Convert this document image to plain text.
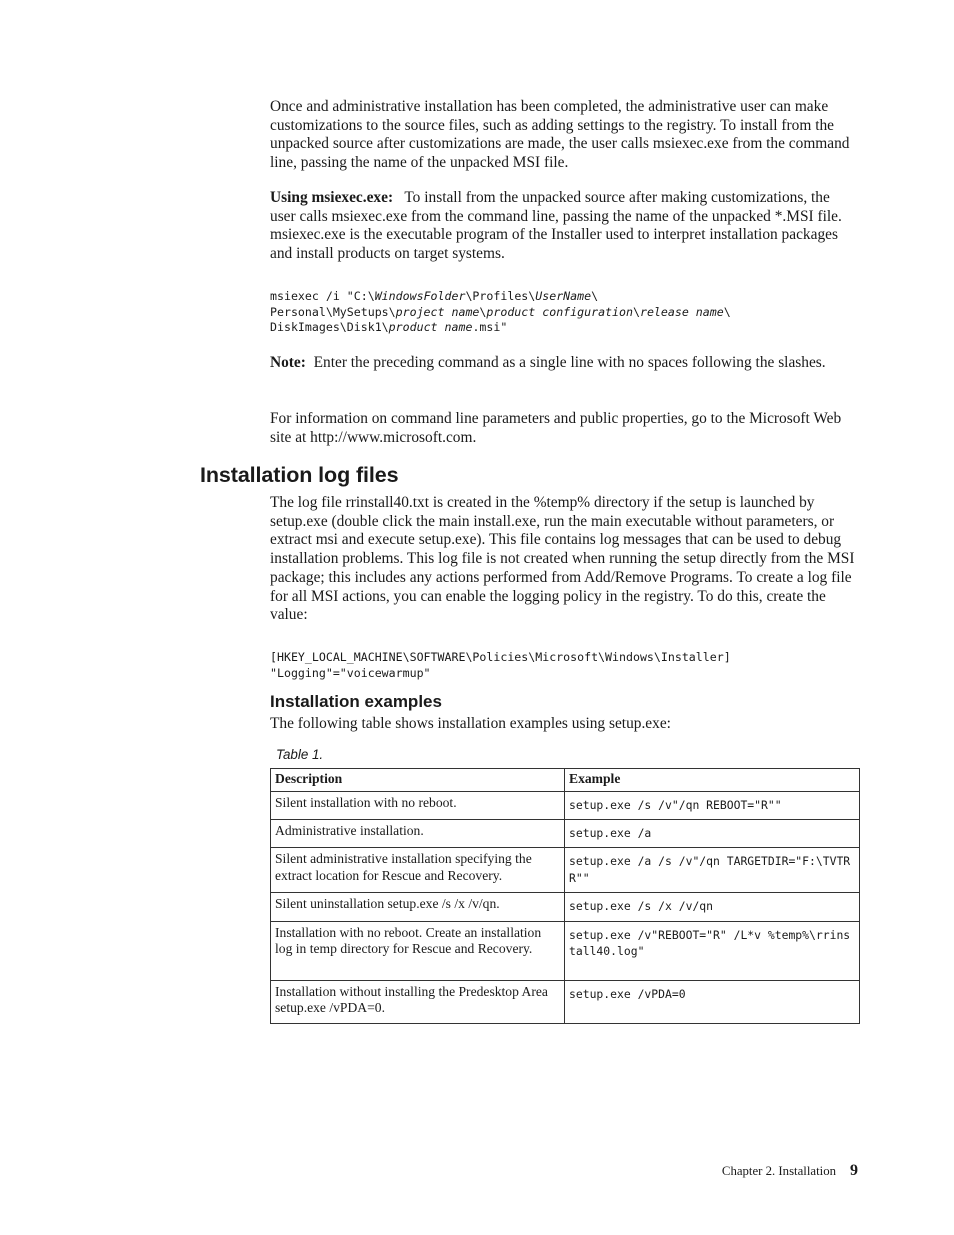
Once and administrative installation has been completed, the administrative user can make customizations to the source files, such as adding settings to the registry. To install from the unpacked source after customizations are made, the user calls msiexec.exe from the command line, passing the name of the unpacked MSI file.

Using msiexec.exe: To install from the unpacked source after making customizations, the user calls msiexec.exe from the command line, passing the name of the unpacked *.MSI file. msiexec.exe is the executable program of the Installer used to interpret installation packages and install products on target systems.

msiexec /i "C:\WindowsFolder\Profiles\UserName\
Personal\MySetups\project name\product configuration\release name\
DiskImages\Disk1\product name.msi"

Note: Enter the preceding command as a single line with no spaces following the slashes.

For information on command line parameters and public properties, go to the Microsoft Web site at http://www.microsoft.com.

Installation log files

The log file rrinstall40.txt is created in the %temp% directory if the setup is launched by setup.exe (double click the main install.exe, run the main executable without parameters, or extract msi and execute setup.exe). This file contains log messages that can be used to debug installation problems. This log file is not created when running the setup directly from the MSI package; this includes any actions performed from Add/Remove Programs. To create a log file for all MSI actions, you can enable the logging policy in the registry. To do this, create the value:

[HKEY_LOCAL_MACHINE\SOFTWARE\Policies\Microsoft\Windows\Installer]
"Logging"="voicewarmup"
Installation examples

The following table shows installation examples using setup.exe:

Table 1.
Description	Example
Silent installation with no reboot.	setup.exe /s /v"/qn REBOOT="R""
Administrative installation.	setup.exe /a
Silent administrative installation specifying the extract location for Rescue and Recovery.	setup.exe /a /s /v"/qn TARGETDIR="F:\TVTRR""
Silent uninstallation setup.exe /s /x /v/qn.	setup.exe /s /x /v/qn
Installation with no reboot. Create an installation log in temp directory for Rescue and Recovery.	setup.exe /v"REBOOT="R" /L*v %temp%\rrinstall40.log"
Installation without installing the Predesktop Area setup.exe /vPDA=0.	setup.exe /vPDA=0
Chapter 2. Installation 9
